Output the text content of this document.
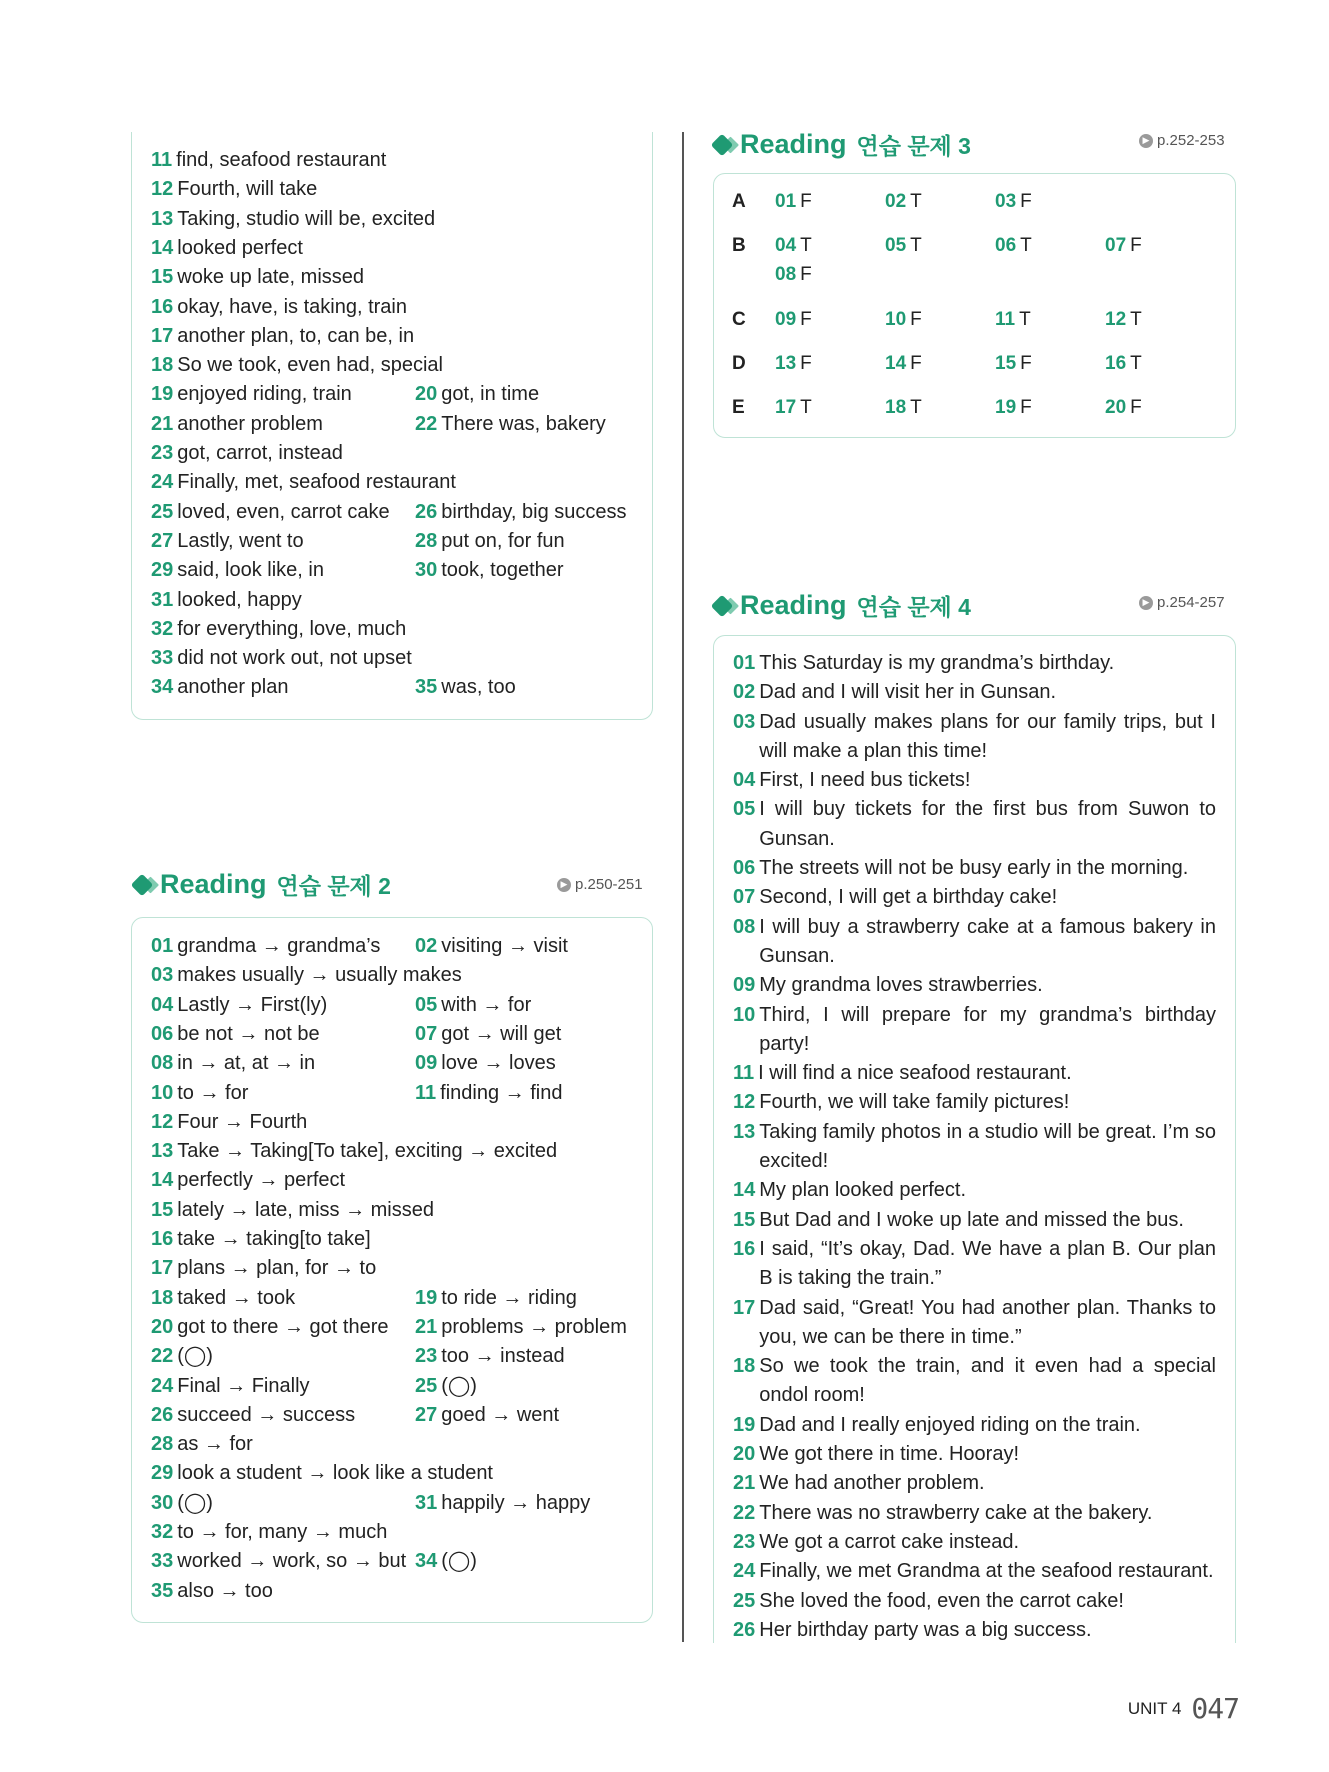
11 find, seafood restaurant
12 Fourth, will take
13 Taking, studio will be, excited
14 looked perfect
15 woke up late, missed
16 okay, have, is taking, train
17 another plan, to, can be, in
18 So we took, even had, special
19 enjoyed riding, train	20 got, in time
21 another problem	22 There was, bakery
23 got, carrot, instead
24 Finally, met, seafood restaurant
25 loved, even, carrot cake 26 birthday, big success
27 Lastly, went to	28 put on, for fun
29 said, look like, in	30 took, together
31 looked, happy
32 for everything, love, much
33 did not work out, not upset
34 another plan	35 was, too
Reading 연습 문제 2	▶ p.250-251
01 grandma → grandma’s 02 visiting → visit
03 makes usually → usually makes
04 Lastly → First(ly)	05 with → for
06 be not → not be	07 got → will get
08 in → at, at → in	09 love → loves
10 to → for	11 finding → find
12 Four → Fourth
13 Take → Taking[To take], exciting → excited
14 perfectly → perfect
15 lately → late, miss → missed
16 take → taking[to take]
17 plans → plan, for → to
18 taked → took	19 to ride → riding
20 got to there → got there 21 problems → problem
22 (◯)	23 too → instead
24 Final → Finally	25 (◯)
26 succeed → success	27 goed → went
28 as → for
29 look a student → look like a student
30 (◯)	31 happily → happy
32 to → for, many → much
33 worked → work, so → but 34 (◯)
35 also → too
Reading 연습 문제 3	▶ p.252-253
A 01 F	02 T	03 F
B 04 T	05 T	06 T	07 F
08 F
C 09 F	10 F	11 T	12 T
D 13 F	14 F	15 F	16 T
E 17 T	18 T	19 F	20 F
Reading 연습 문제 4	▶ p.254-257
01 This Saturday is my grandma’s birthday.
02 Dad and I will visit her in Gunsan.
03 Dad usually makes plans for our family trips, but I will make a plan this time!
04 First, I need bus tickets!
05 I will buy tickets for the first bus from Suwon to Gunsan.
06 The streets will not be busy early in the morning.
07 Second, I will get a birthday cake!
08 I will buy a strawberry cake at a famous bakery in Gunsan.
09 My grandma loves strawberries.
10 Third, I will prepare for my grandma’s birthday party!
11 I will find a nice seafood restaurant.
12 Fourth, we will take family pictures!
13 Taking family photos in a studio will be great. I’m so excited!
14 My plan looked perfect.
15 But Dad and I woke up late and missed the bus.
16 I said, “It’s okay, Dad. We have a plan B. Our plan B is taking the train.”
17 Dad said, “Great! You had another plan. Thanks to you, we can be there in time.”
18 So we took the train, and it even had a special ondol room!
19 Dad and I really enjoyed riding on the train.
20 We got there in time. Hooray!
21 We had another problem.
22 There was no strawberry cake at the bakery.
23 We got a carrot cake instead.
24 Finally, we met Grandma at the seafood restaurant.
25 She loved the food, even the carrot cake!
26 Her birthday party was a big success.
UNIT 4 047
